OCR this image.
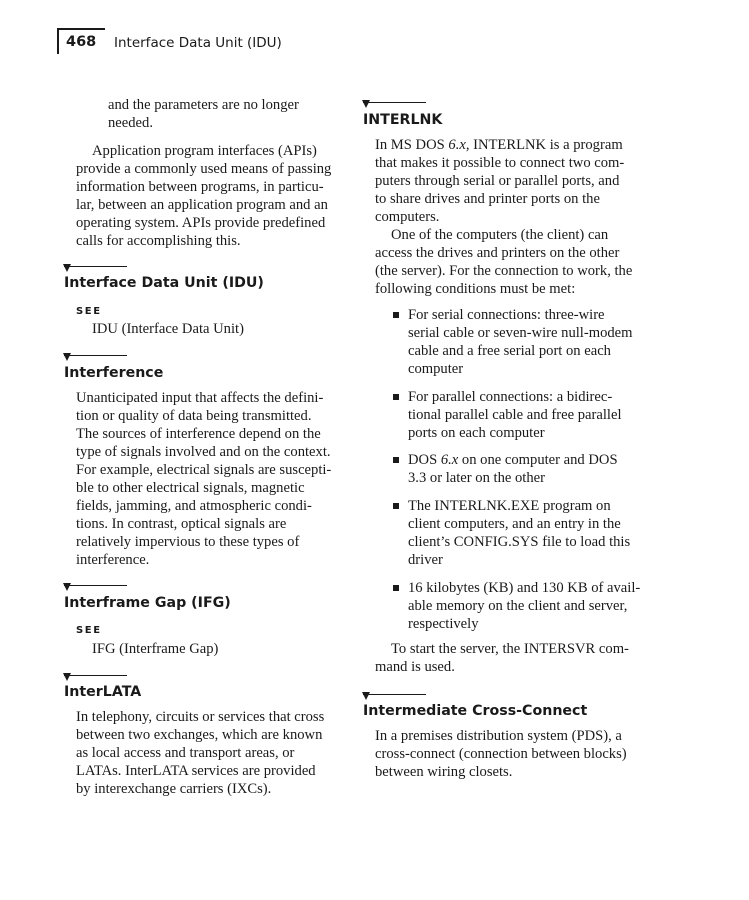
468 Interface Data Unit (IDU)

and the parameters are no longer

needed.

Application program interfaces (APIs)

provide a commonly used means of passing

information between programs, in particu-

lar, between an application program and an

operating system. APIs provide predefined

calls for accomplishing this.

Interface Data Unit (IDU)
SEE

IDU (Interface Data Unit)

Interference

Unanticipated input that affects the defini-

tion or quality of data being transmitted.

The sources of interference depend on the

type of signals involved and on the context.

For example, electrical signals are suscepti-

ble to other electrical signals, magnetic

fields, jamming, and atmospheric condi-

tions. In contrast, optical signals are

relatively impervious to these types of

interference.

Interframe Gap (IFG)
SEE

IFG (Interframe Gap)

InterLATA

In telephony, circuits or services that cross

between two exchanges, which are known

as local access and transport areas, or

LATAs. InterLATA services are provided

by interexchange carriers (IXCs).

INTERLNK

In MS DOS 6.x, INTERLNK is a program

that makes it possible to connect two com-

puters through serial or parallel ports, and

to share drives and printer ports on the

computers.

One of the computers (the client) can

access the drives and printers on the other

(the server). For the connection to work, the

following conditions must be met:

For serial connections: three-wire

serial cable or seven-wire null-modem

cable and a free serial port on each

computer

For parallel connections: a bidirec-

tional parallel cable and free parallel

ports on each computer

DOS 6.x on one computer and DOS

3.3 or later on the other

The INTERLNK.EXE program on

client computers, and an entry in the

client’s CONFIG.SYS file to load this

driver

16 kilobytes (KB) and 130 KB of avail-

able memory on the client and server,

respectively

To start the server, the INTERSVR com-

mand is used.

Intermediate Cross-Connect

In a premises distribution system (PDS), a

cross-connect (connection between blocks)

between wiring closets.
